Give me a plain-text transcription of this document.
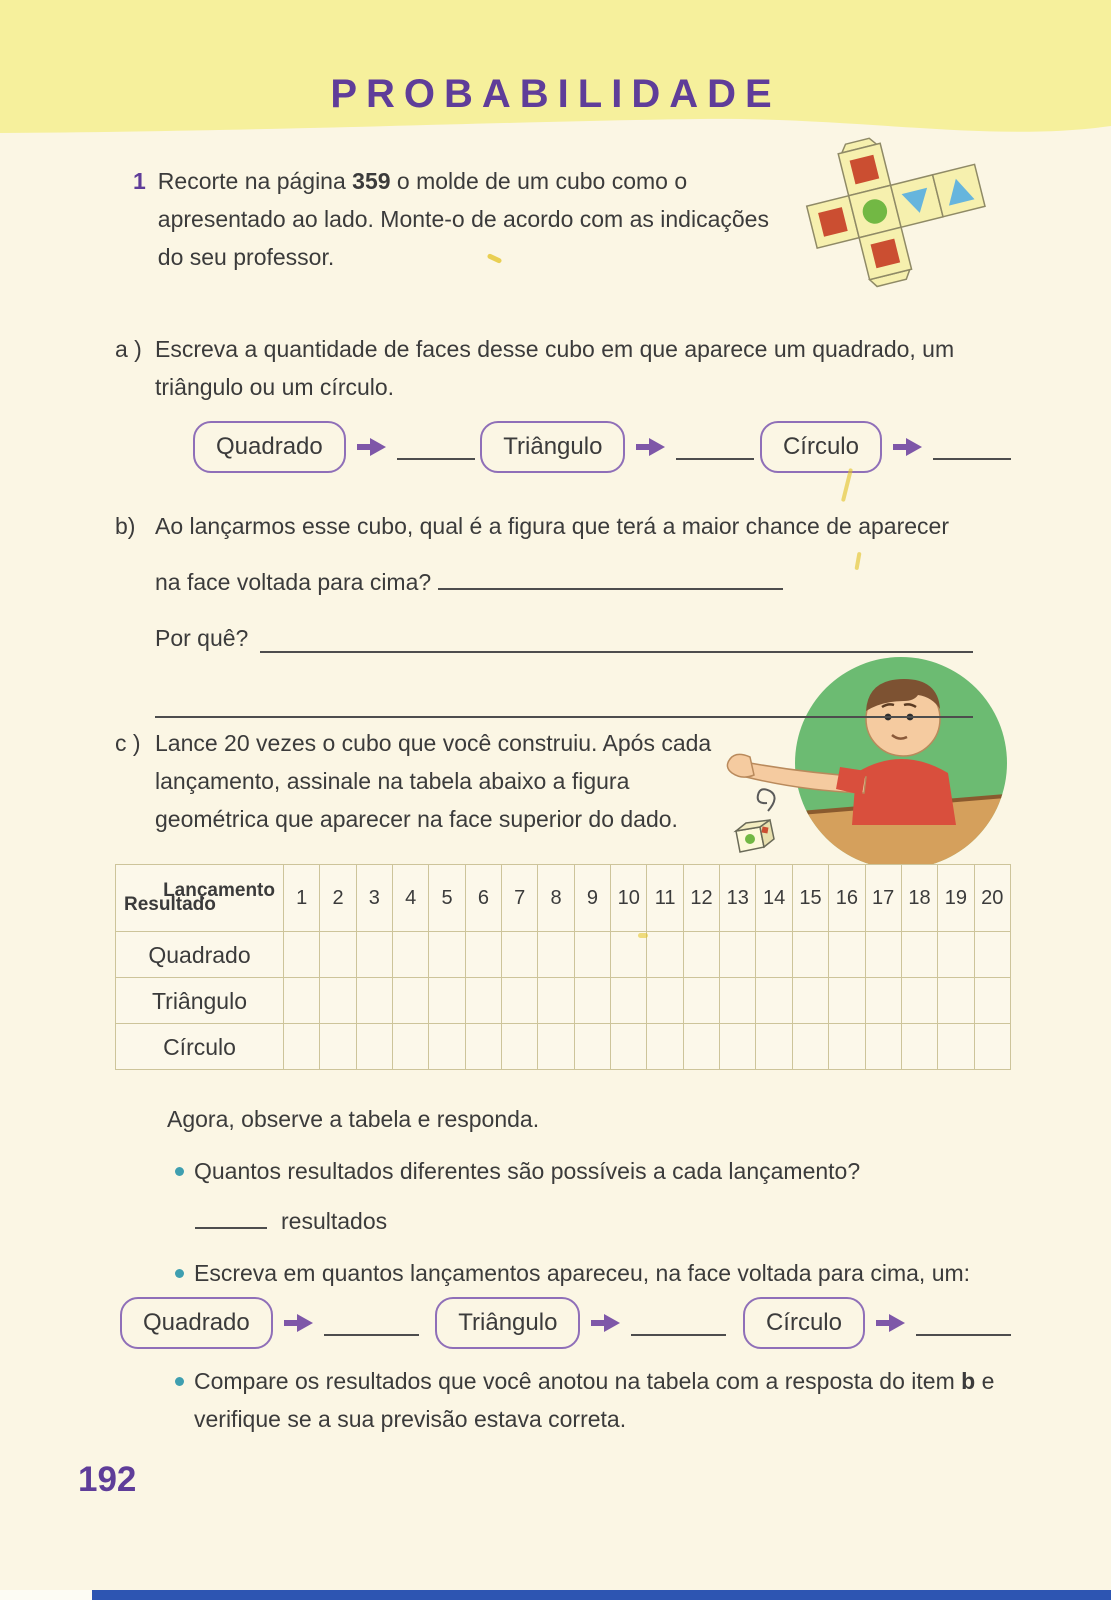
PROBABILIDADE
1 Recorte na página 359 o molde de um cubo como o apresentado ao lado. Monte-o de acordo com as indicações do seu professor.

a ) Escreva a quantidade de faces desse cubo em que aparece um quadrado, um triângulo ou um círculo.
Quadrado	Triângulo	Círculo
b) Ao lançarmos esse cubo, qual é a figura que terá a maior chance de aparecer na face voltada para cima?

Por quê?
c ) Lance 20 vezes o cubo que você construiu. Após cada lançamento, assinale na tabela abaixo a figura geométrica que aparecer na face superior do dado.
Lançamento
Resultado	1	2	3	4	5	6	7	8	9 10 11 12 13 14 15 16 17 18 19 20
Quadrado
Triângulo
Círculo

Agora, observe a tabela e responda.

Quantos resultados diferentes são possíveis a cada lançamento?
resultados
Escreva em quantos lançamentos apareceu, na face voltada para cima, um:
Quadrado	Triângulo	Círculo
Compare os resultados que você anotou na tabela com a resposta do item b e verifique se a sua previsão estava correta.
192
